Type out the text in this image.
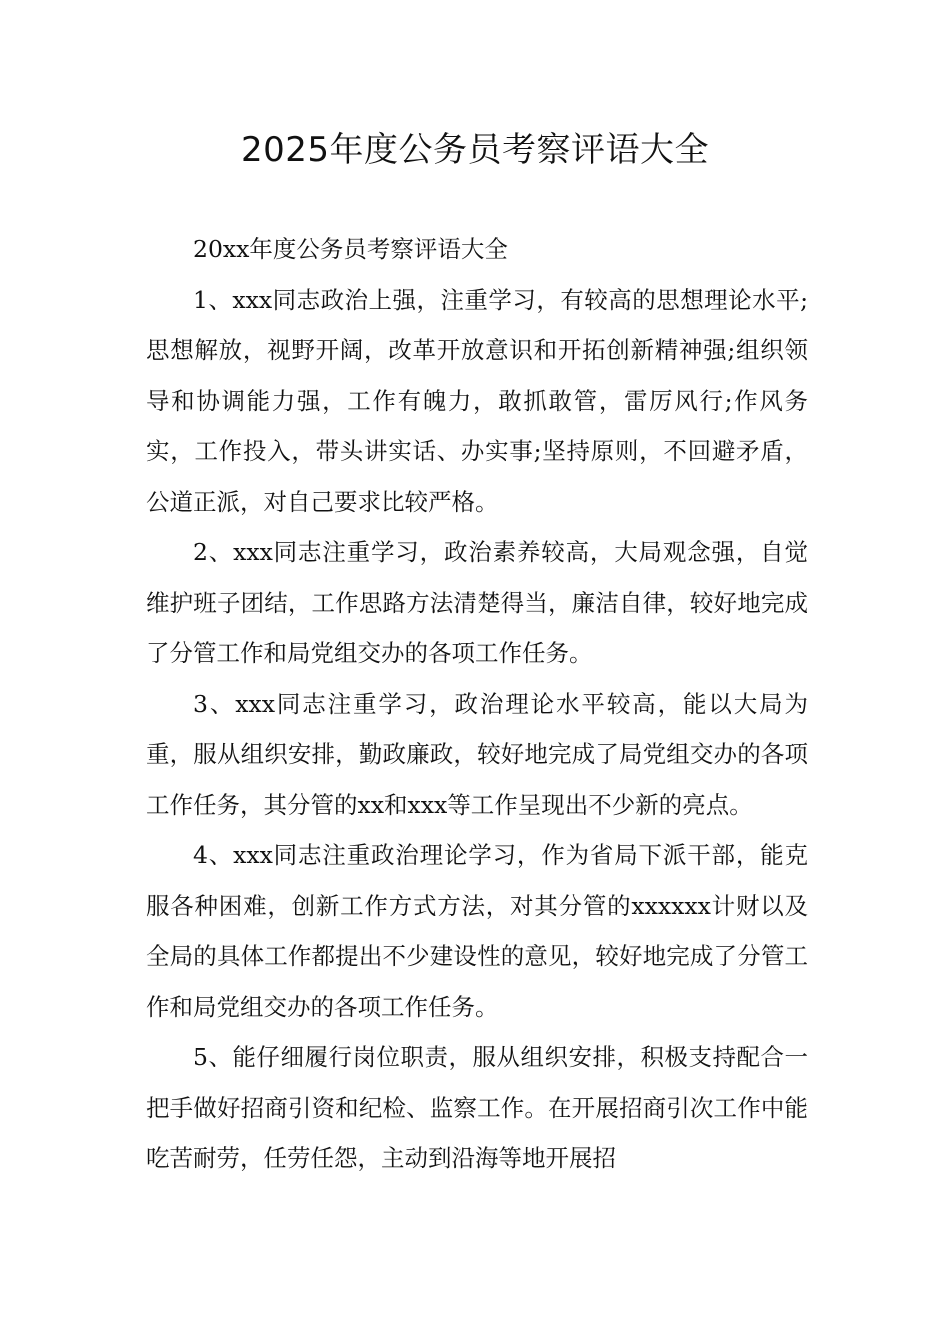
2025年度公务员考察评语大全

20xx年度公务员考察评语大全

1、xxx同志政治上强，注重学习，有较高的思想理论水平;思想解放，视野开阔，改革开放意识和开拓创新精神强;组织领导和协调能力强，工作有魄力，敢抓敢管，雷厉风行;作风务实，工作投入，带头讲实话、办实事;坚持原则，不回避矛盾，公道正派，对自己要求比较严格。

2、xxx同志注重学习，政治素养较高，大局观念强，自觉维护班子团结，工作思路方法清楚得当，廉洁自律，较好地完成了分管工作和局党组交办的各项工作任务。

3、xxx同志注重学习，政治理论水平较高，能以大局为重，服从组织安排，勤政廉政，较好地完成了局党组交办的各项工作任务，其分管的xx和xxx等工作呈现出不少新的亮点。

4、xxx同志注重政治理论学习，作为省局下派干部，能克服各种困难，创新工作方式方法，对其分管的xxxxxx计财以及全局的具体工作都提出不少建设性的意见，较好地完成了分管工作和局党组交办的各项工作任务。

5、能仔细履行岗位职责，服从组织安排，积极支持配合一把手做好招商引资和纪检、监察工作。在开展招商引次工作中能吃苦耐劳，任劳任怨，主动到沿海等地开展招
